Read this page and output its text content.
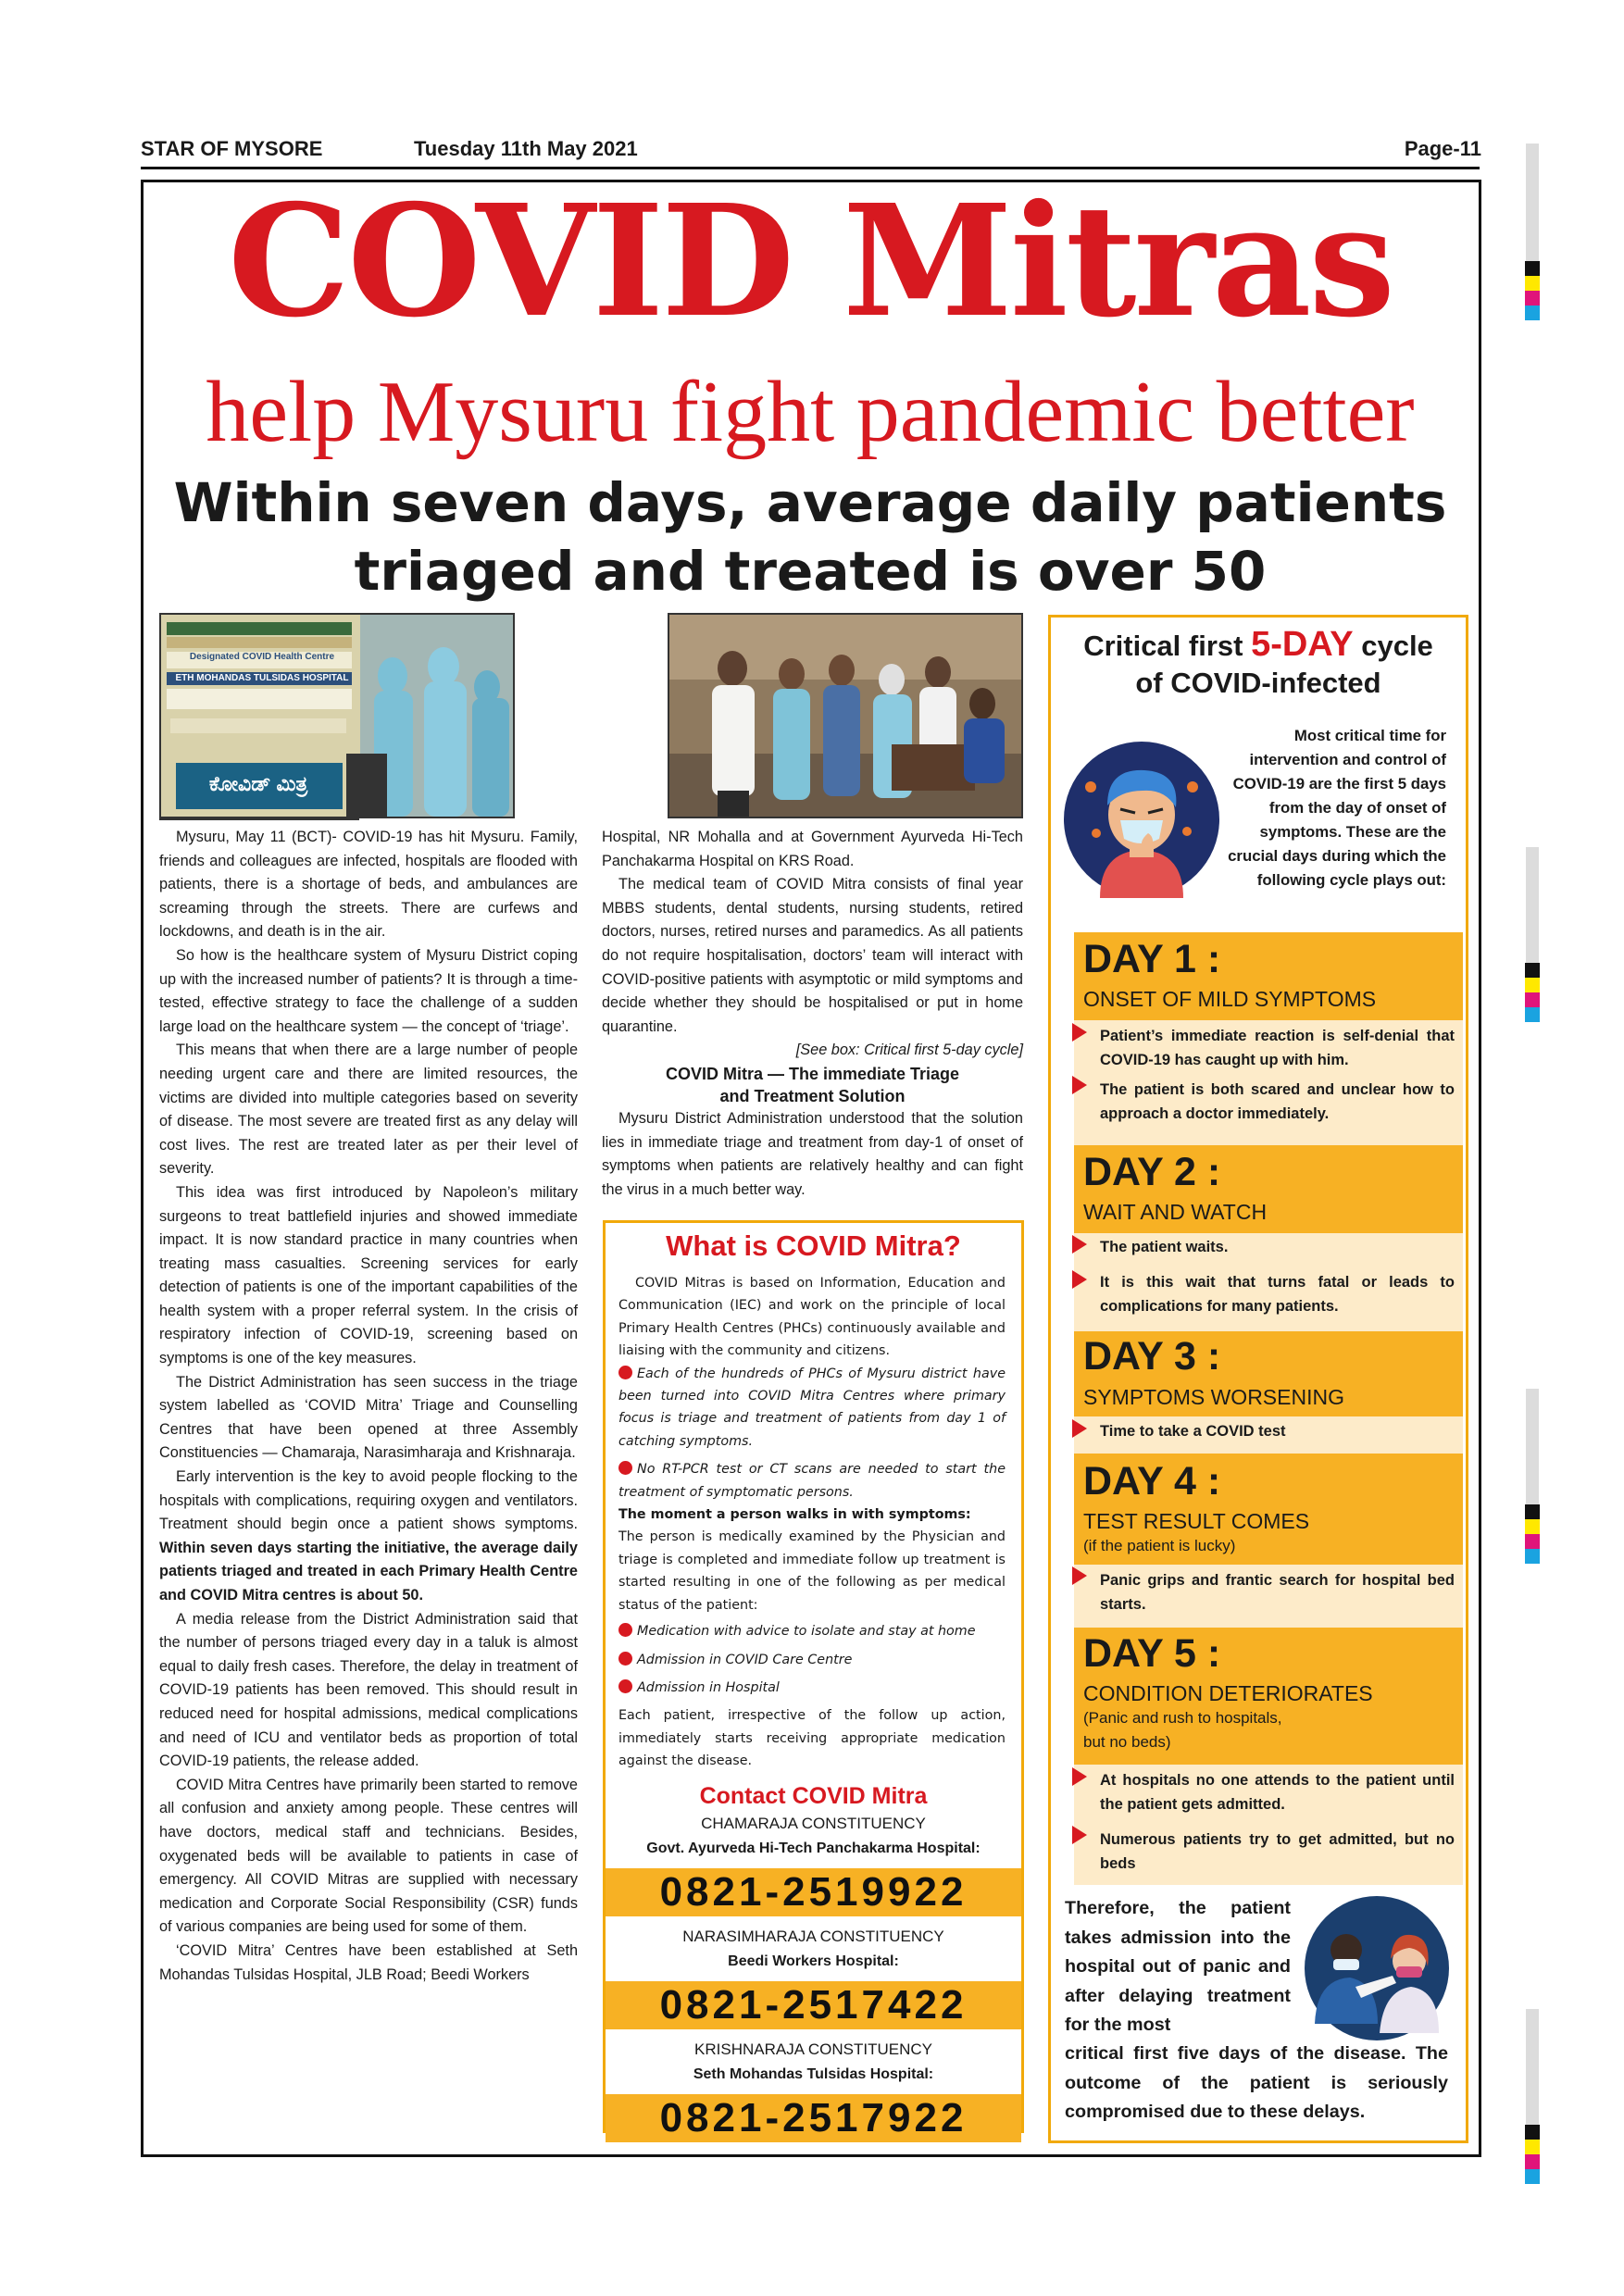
STAR OF MYSORE	Tuesday 11th May 2021	Page-11
COVID Mitras
help Mysuru fight pandemic better
Within seven days, average daily patients
triaged and treated is over 50
Designated COVID Health Centre
ETH MOHANDAS TULSIDAS HOSPITAL
ಕೋವಿಡ್ ಮಿತ್ರ

Mysuru, May 11 (BCT)- COVID-19 has hit Mysuru. Family, friends and colleagues are infected, hospitals are flooded with patients, there is a shortage of beds, and ambulances are screaming through the streets. There are curfews and lockdowns, and death is in the air.

So how is the healthcare system of Mysuru District coping up with the increased number of patients? It is through a time-tested, effective strategy to face the challenge of a sudden large load on the healthcare system — the concept of ‘triage’.

This means that when there are a large number of people needing urgent care and there are limited resources, the victims are divided into multiple categories based on severity of disease. The most severe are treated first as any delay will cost lives. The rest are treated later as per their level of severity.

This idea was first introduced by Napoleon’s military surgeons to treat battlefield injuries and showed immediate impact. It is now standard practice in many countries when treating mass casualties. Screening services for early detection of patients is one of the important capabilities of the health system with a proper referral system. In the crisis of respiratory infection of COVID-19, screening based on symptoms is one of the key measures.

The District Administration has seen success in the triage system labelled as ‘COVID Mitra’ Triage and Counselling Centres that have been opened at three Assembly Constituencies — Chamaraja, Narasimharaja and Krishnaraja.

Early intervention is the key to avoid people flocking to the hospitals with complications, requiring oxygen and ventilators. Treatment should begin once a patient shows symptoms. Within seven days starting the initiative, the average daily patients triaged and treated in each Primary Health Centre and COVID Mitra centres is about 50.

A media release from the District Administration said that the number of persons triaged every day in a taluk is almost equal to daily fresh cases. Therefore, the delay in treatment of COVID-19 patients has been removed. This should result in reduced need for hospital admissions, medical complications and need of ICU and ventilator beds as proportion of total COVID-19 patients, the release added.

COVID Mitra Centres have primarily been started to remove all confusion and anxiety among people. These centres will have doctors, medical staff and technicians. Besides, oxygenated beds will be available to patients in case of emergency. All COVID Mitras are supplied with necessary medication and Corporate Social Responsibility (CSR) funds of various companies are being used for some of them.

‘COVID Mitra’ Centres have been established at Seth Mohandas Tulsidas Hospital, JLB Road; Beedi Workers

Hospital, NR Mohalla and at Government Ayurveda Hi-Tech Panchakarma Hospital on KRS Road.

The medical team of COVID Mitra consists of final year MBBS students, dental students, nursing students, retired doctors, nurses, retired nurses and paramedics. As all patients do not require hospitalisation, doctors’ team will interact with COVID-positive patients with asymptotic or mild symptoms and decide whether they should be hospitalised or put in home quarantine.

[See box: Critical first 5-day cycle]

COVID Mitra — The immediate Triage
and Treatment Solution

Mysuru District Administration understood that the solution lies in immediate triage and treatment from day-1 of onset of symptoms when patients are relatively healthy and can fight the virus in a much better way.

What is COVID Mitra?

COVID Mitras is based on Information, Education and Communication (IEC) and work on the principle of local Primary Health Centres (PHCs) continuously available and liaising with the community and citizens.

Each of the hundreds of PHCs of Mysuru district have been turned into COVID Mitra Centres where primary focus is triage and treatment of patients from day 1 of catching symptoms.

No RT-PCR test or CT scans are needed to start the treatment of symptomatic persons.

The moment a person walks in with symptoms:

The person is medically examined by the Physician and triage is completed and immediate follow up treatment is started resulting in one of the following as per medical status of the patient:

Medication with advice to isolate and stay at home

Admission in COVID Care Centre

Admission in Hospital

Each patient, irrespective of the follow up action, immediately starts receiving appropriate medication against the disease.

Contact COVID Mitra
CHAMARAJA CONSTITUENCY
Govt. Ayurveda Hi-Tech Panchakarma Hospital:
0821-2519922
NARASIMHARAJA CONSTITUENCY
Beedi Workers Hospital:
0821-2517422
KRISHNARAJA CONSTITUENCY
Seth Mohandas Tulsidas Hospital:
0821-2517922
Critical first 5-DAY cycle
of COVID-infected
Most critical time for intervention and control of COVID-19 are the first 5 days from the day of onset of symptoms. These are the crucial days during which the following cycle plays out:
DAY 1 :
ONSET OF MILD SYMPTOMS
Patient’s immediate reaction is self-denial that COVID-19 has caught up with him.
The patient is both scared and unclear how to approach a doctor immediately.
DAY 2 :
WAIT AND WATCH
The patient waits.
It is this wait that turns fatal or leads to complications for many patients.
DAY 3 :
SYMPTOMS WORSENING
Time to take a COVID test
DAY 4 :
TEST RESULT COMES
(if the patient is lucky)
Panic grips and frantic search for hospital bed starts.
DAY 5 :
CONDITION DETERIORATES
(Panic and rush to hospitals,
but no beds)
At hospitals no one attends to the patient until the patient gets admitted.
Numerous patients try to get admitted, but no beds
Therefore, the patient takes admission into the hospital out of panic and after delaying treatment for the most
critical first five days of the disease. The outcome of the patient is seriously compromised due to these delays.
